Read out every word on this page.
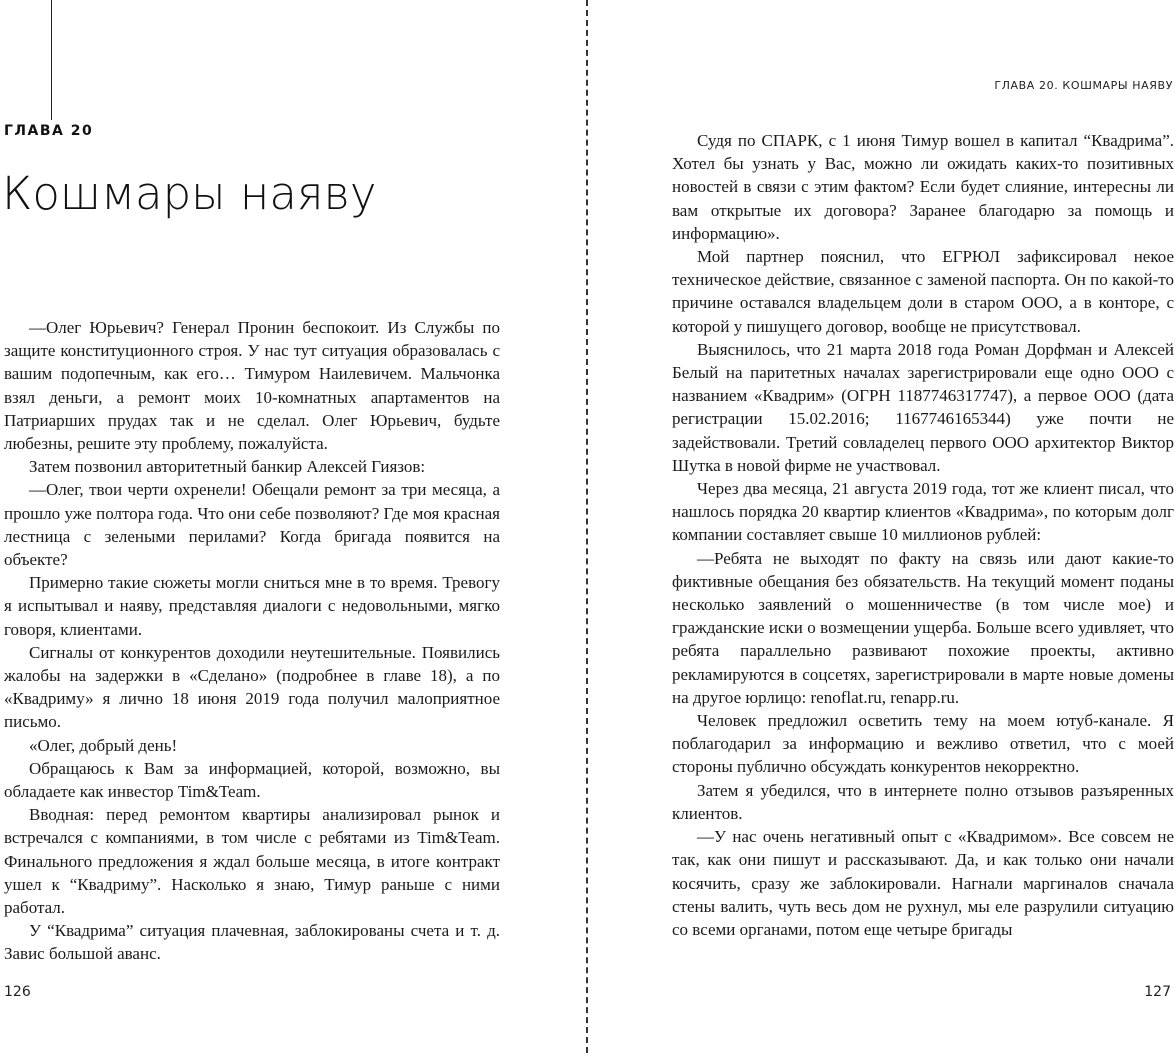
ГЛАВА 20
Кошмары наяву

—Олег Юрьевич? Генерал Пронин беспокоит. Из Службы по защите конституционного строя. У нас тут ситуация образовалась с вашим подопечным, как его… Тимуром Наилевичем. Мальчонка взял деньги, а ремонт моих 10-комнатных апартаментов на Патриарших прудах так и не сделал. Олег Юрьевич, будьте любезны, решите эту проблему, пожалуйста.

Затем позвонил авторитетный банкир Алексей Гиязов:

—Олег, твои черти охренели! Обещали ремонт за три месяца, а прошло уже полтора года. Что они себе позволяют? Где моя красная лестница с зелеными перилами? Когда бригада появится на объекте?

Примерно такие сюжеты могли сниться мне в то время. Тревогу я испытывал и наяву, представляя диалоги с недовольными, мягко говоря, клиентами.

Сигналы от конкурентов доходили неутешительные. Появились жалобы на задержки в «Сделано» (подробнее в главе 18), а по «Квадриму» я лично 18 июня 2019 года получил малоприятное письмо.

«Олег, добрый день!

Обращаюсь к Вам за информацией, которой, возможно, вы обладаете как инвестор Tim&Team.

Вводная: перед ремонтом квартиры анализировал рынок и встречался с компаниями, в том числе с ребятами из Tim&Team. Финального предложения я ждал больше месяца, в итоге контракт ушел к “Квадриму”. Насколько я знаю, Тимур раньше с ними работал.

У “Квадрима” ситуация плачевная, заблокированы счета и т. д. Завис большой аванс.

126
ГЛАВА 20. КОШМАРЫ НАЯВУ

Судя по СПАРК, с 1 июня Тимур вошел в капитал “Квадрима”. Хотел бы узнать у Вас, можно ли ожидать каких-то позитивных новостей в связи с этим фактом? Если будет слияние, интересны ли вам открытые их договора? Заранее благодарю за помощь и информацию».

Мой партнер пояснил, что ЕГРЮЛ зафиксировал некое техническое действие, связанное с заменой паспорта. Он по какой-то причине оставался владельцем доли в старом ООО, а в конторе, с которой у пишущего договор, вообще не присутствовал.

Выяснилось, что 21 марта 2018 года Роман Дорфман и Алексей Белый на паритетных началах зарегистрировали еще одно ООО с названием «Квадрим» (ОГРН 1187746317747), а первое ООО (дата регистрации 15.02.2016; 1167746165344) уже почти не задействовали. Третий совладелец первого ООО архитектор Виктор Шутка в новой фирме не участвовал.

Через два месяца, 21 августа 2019 года, тот же клиент писал, что нашлось порядка 20 квартир клиентов «Квадрима», по которым долг компании составляет свыше 10 миллионов рублей:

—Ребята не выходят по факту на связь или дают какие-то фиктивные обещания без обязательств. На текущий момент поданы несколько заявлений о мошенничестве (в том числе мое) и гражданские иски о возмещении ущерба. Больше всего удивляет, что ребята параллельно развивают похожие проекты, активно рекламируются в соцсетях, зарегистрировали в марте новые домены на другое юрлицо: renoflat.ru, renapp.ru.

Человек предложил осветить тему на моем ютуб-канале. Я поблагодарил за информацию и вежливо ответил, что с моей стороны публично обсуждать конкурентов некорректно.

Затем я убедился, что в интернете полно отзывов разъяренных клиентов.

—У нас очень негативный опыт с «Квадримом». Все совсем не так, как они пишут и рассказывают. Да, и как только они начали косячить, сразу же заблокировали. Нагнали маргиналов сначала стены валить, чуть весь дом не рухнул, мы еле разрулили ситуацию со всеми органами, потом еще четыре бригады

127
